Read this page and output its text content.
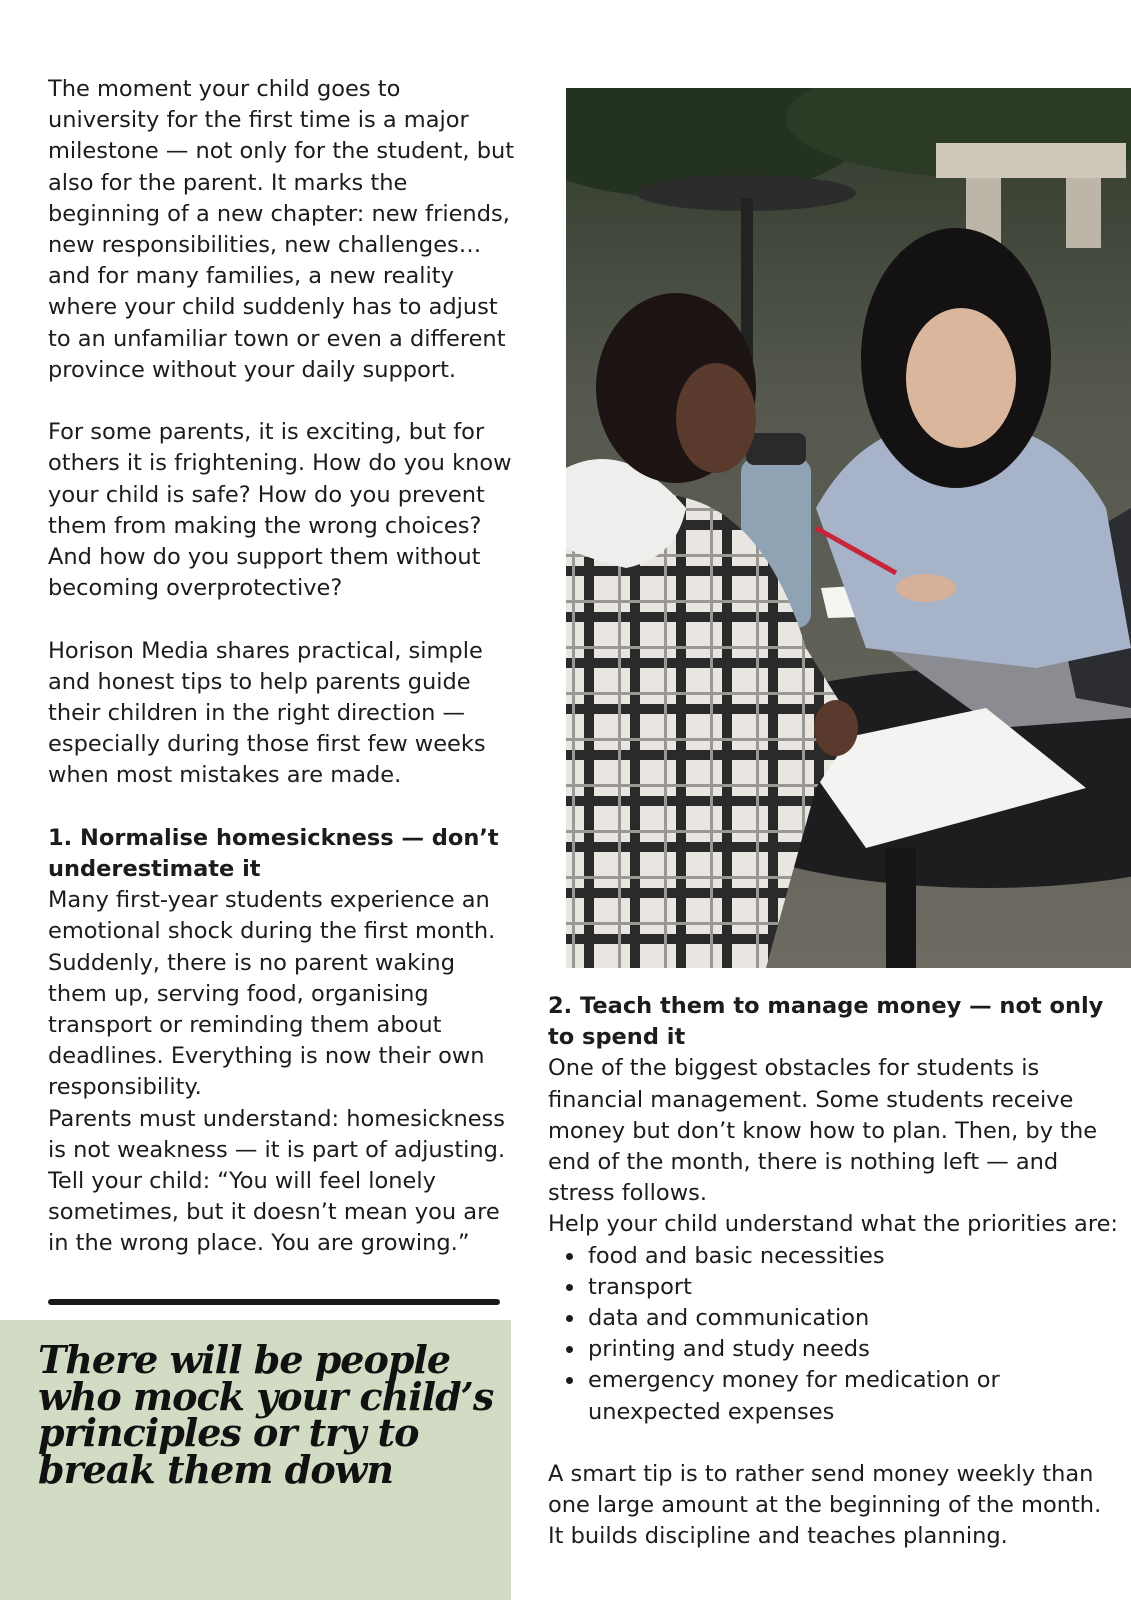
The moment your child goes to university for the first time is a major milestone — not only for the student, but also for the parent. It marks the beginning of a new chapter: new friends, new responsibilities, new challenges… and for many families, a new reality where your child suddenly has to adjust to an unfamiliar town or even a different province without your daily support.

For some parents, it is exciting, but for others it is frightening. How do you know your child is safe? How do you prevent them from making the wrong choices? And how do you support them without becoming overprotective?

Horison Media shares practical, simple and honest tips to help parents guide their children in the right direction — especially during those first few weeks when most mistakes are made.

1. Normalise homesickness — don’t underestimate it

Many first-year students experience an emotional shock during the first month. Suddenly, there is no parent waking them up, serving food, organising transport or reminding them about deadlines. Everything is now their own responsibility.

Parents must understand: homesickness is not weakness — it is part of adjusting. Tell your child: “You will feel lonely sometimes, but it doesn’t mean you are in the wrong place. You are growing.”

There will be people who mock your child’s principles or try to break them down

2. Teach them to manage money — not only to spend it

One of the biggest obstacles for students is financial management. Some students receive money but don’t know how to plan. Then, by the end of the month, there is nothing left — and stress follows.

Help your child understand what the priorities are:

• food and basic necessities
• transport
• data and communication
• printing and study needs
• emergency money for medication or unexpected expenses

A smart tip is to rather send money weekly than one large amount at the beginning of the month. It builds discipline and teaches planning.
